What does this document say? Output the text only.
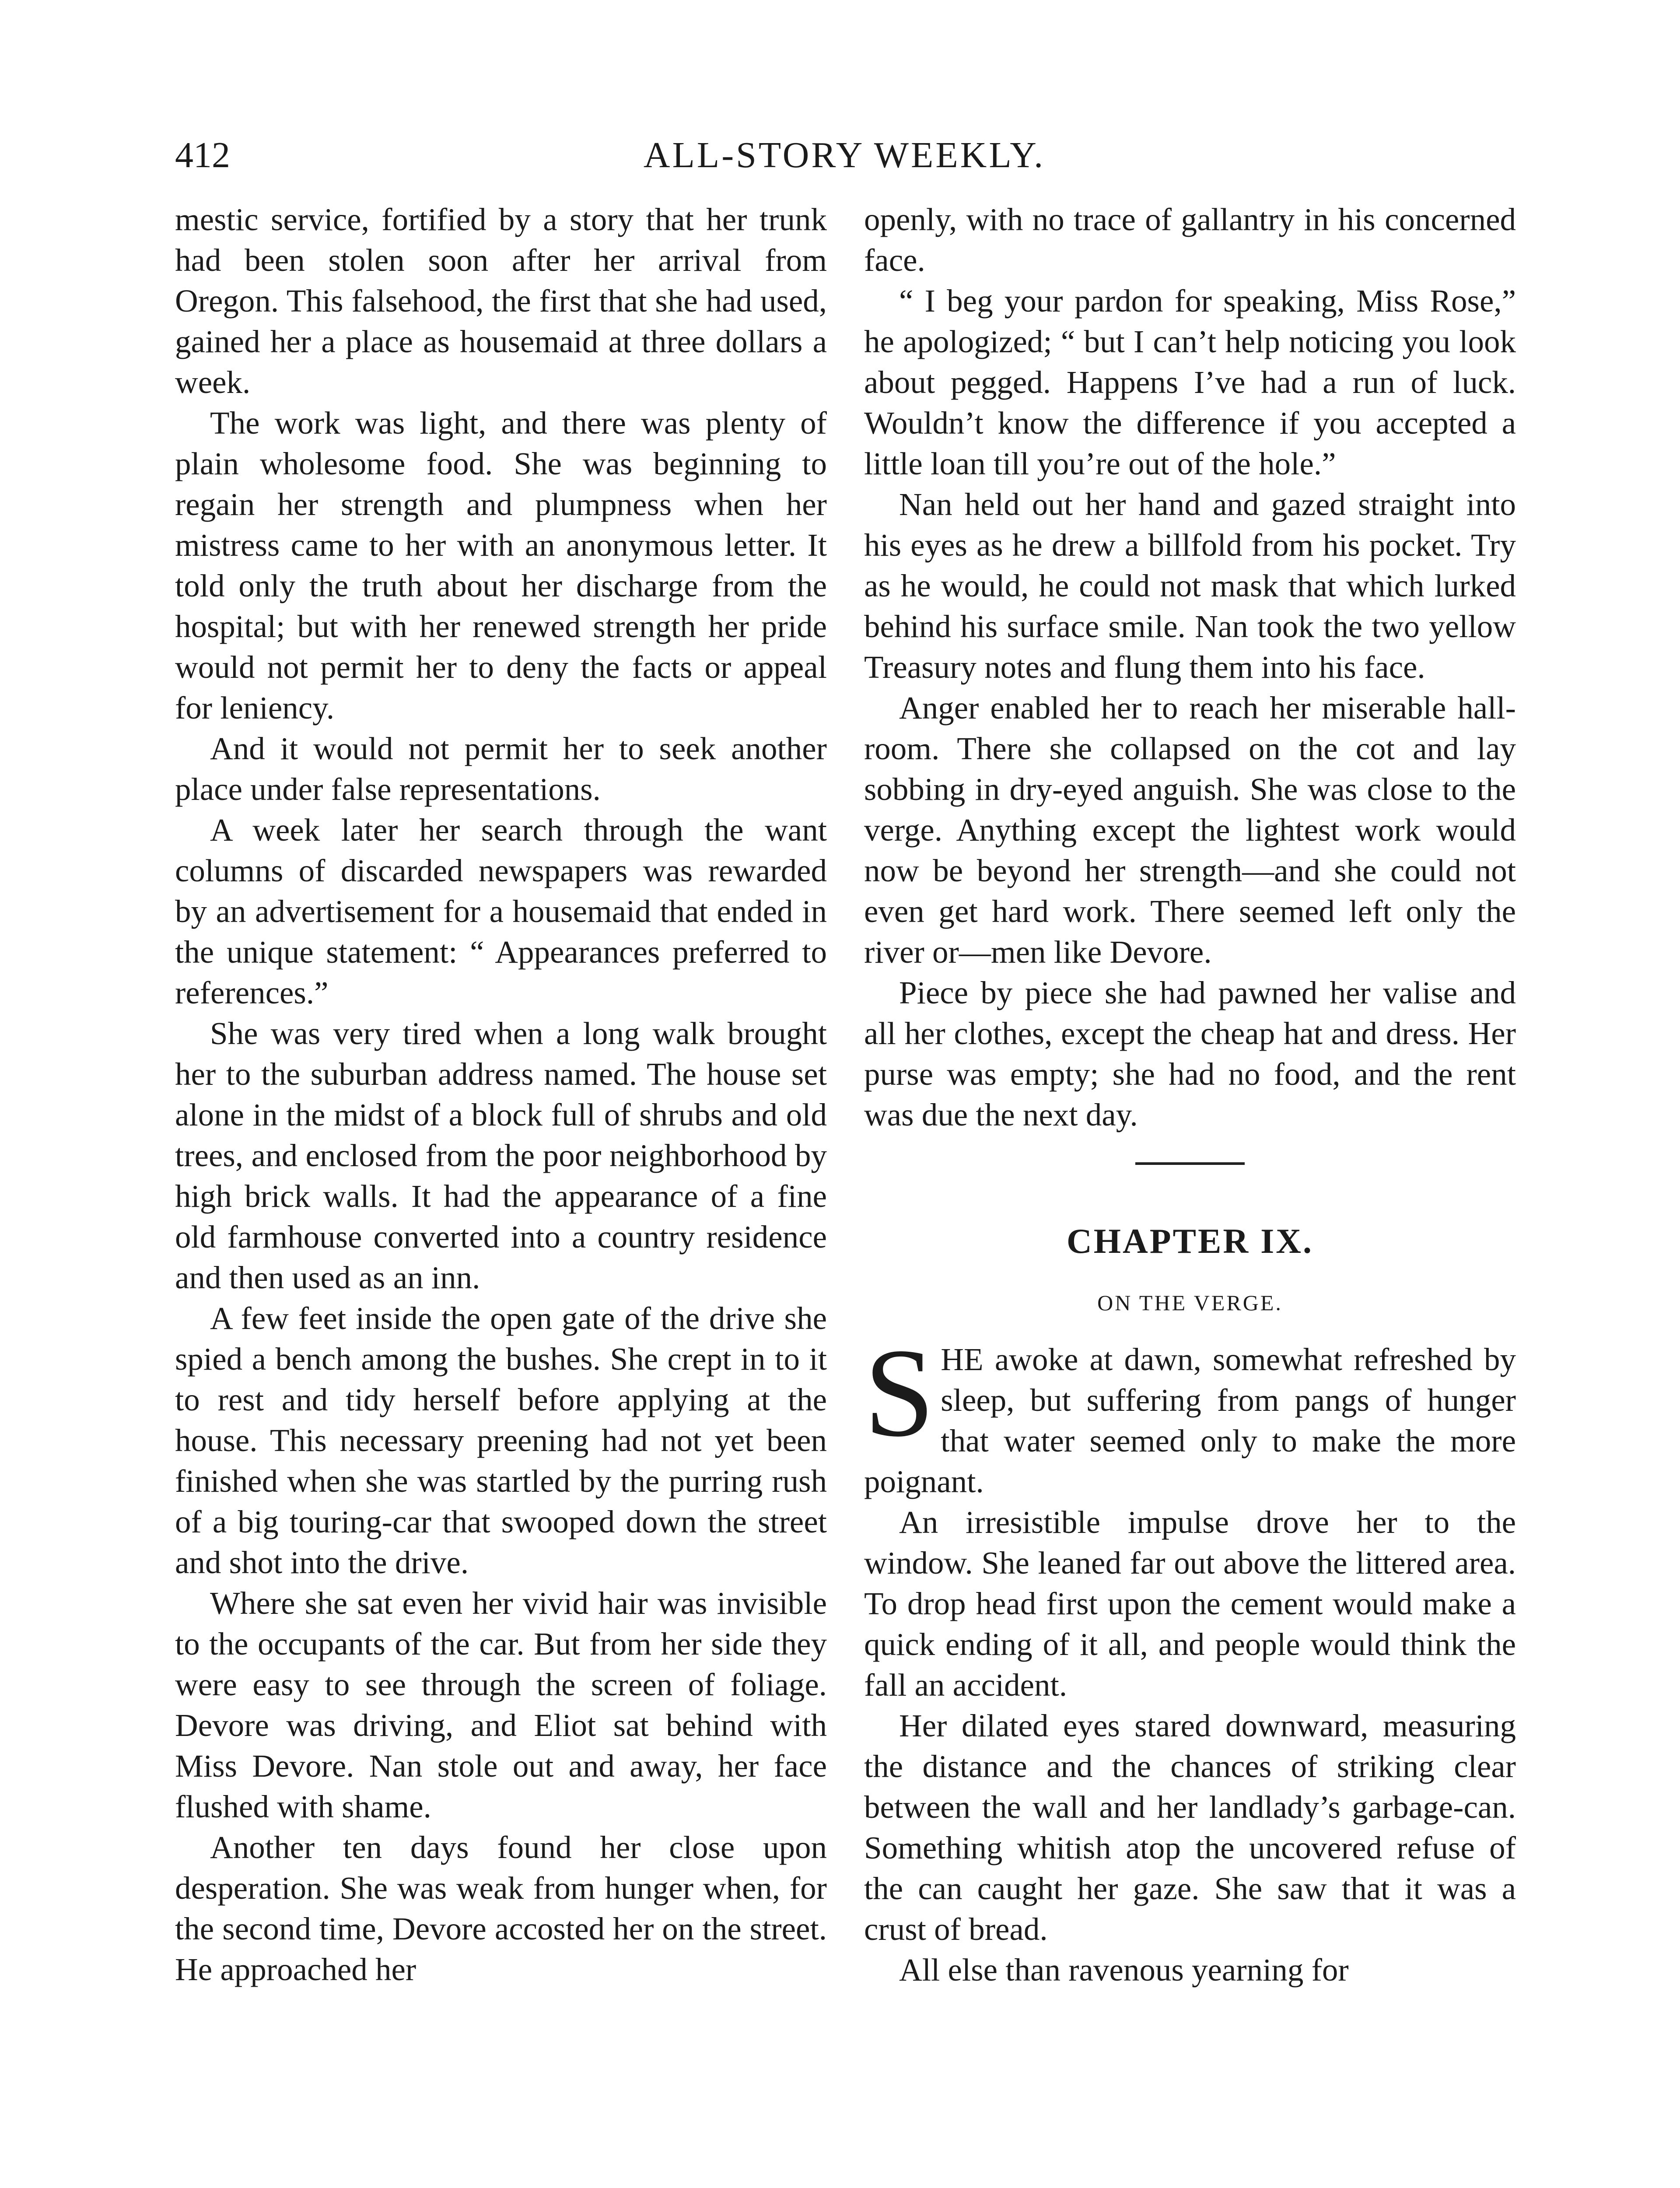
412	ALL-STORY WEEKLY.

mestic service, fortified by a story that her trunk had been stolen soon after her arrival from Oregon. This falsehood, the first that she had used, gained her a place as housemaid at three dollars a week.

The work was light, and there was plenty of plain wholesome food. She was beginning to regain her strength and plumpness when her mistress came to her with an anonymous letter. It told only the truth about her discharge from the hospital; but with her renewed strength her pride would not permit her to deny the facts or appeal for leniency.

And it would not permit her to seek another place under false representations.

A week later her search through the want columns of discarded newspapers was rewarded by an advertisement for a housemaid that ended in the unique statement: “ Appearances preferred to references.”

She was very tired when a long walk brought her to the suburban address named. The house set alone in the midst of a block full of shrubs and old trees, and enclosed from the poor neighborhood by high brick walls. It had the appearance of a fine old farmhouse converted into a country residence and then used as an inn.

A few feet inside the open gate of the drive she spied a bench among the bushes. She crept in to it to rest and tidy herself before applying at the house. This necessary preening had not yet been finished when she was startled by the purring rush of a big touring-car that swooped down the street and shot into the drive.

Where she sat even her vivid hair was invisible to the occupants of the car. But from her side they were easy to see through the screen of foliage. Devore was driving, and Eliot sat behind with Miss Devore. Nan stole out and away, her face flushed with shame.

Another ten days found her close upon desperation. She was weak from hunger when, for the second time, Devore accosted her on the street. He approached her

openly, with no trace of gallantry in his concerned face.

“ I beg your pardon for speaking, Miss Rose,” he apologized; “ but I can’t help noticing you look about pegged. Happens I’ve had a run of luck. Wouldn’t know the difference if you accepted a little loan till you’re out of the hole.”

Nan held out her hand and gazed straight into his eyes as he drew a billfold from his pocket. Try as he would, he could not mask that which lurked behind his surface smile. Nan took the two yellow Treasury notes and flung them into his face.

Anger enabled her to reach her miserable hall-room. There she collapsed on the cot and lay sobbing in dry-eyed anguish. She was close to the verge. Anything except the lightest work would now be beyond her strength—and she could not even get hard work. There seemed left only the river or—men like Devore.

Piece by piece she had pawned her valise and all her clothes, except the cheap hat and dress. Her purse was empty; she had no food, and the rent was due the next day.

CHAPTER IX.
ON THE VERGE.

SHE awoke at dawn, somewhat refreshed by sleep, but suffering from pangs of hunger that water seemed only to make the more poignant.

An irresistible impulse drove her to the window. She leaned far out above the littered area. To drop head first upon the cement would make a quick ending of it all, and people would think the fall an accident.

Her dilated eyes stared downward, measuring the distance and the chances of striking clear between the wall and her landlady’s garbage-can. Something whitish atop the uncovered refuse of the can caught her gaze. She saw that it was a crust of bread.

All else than ravenous yearning for
